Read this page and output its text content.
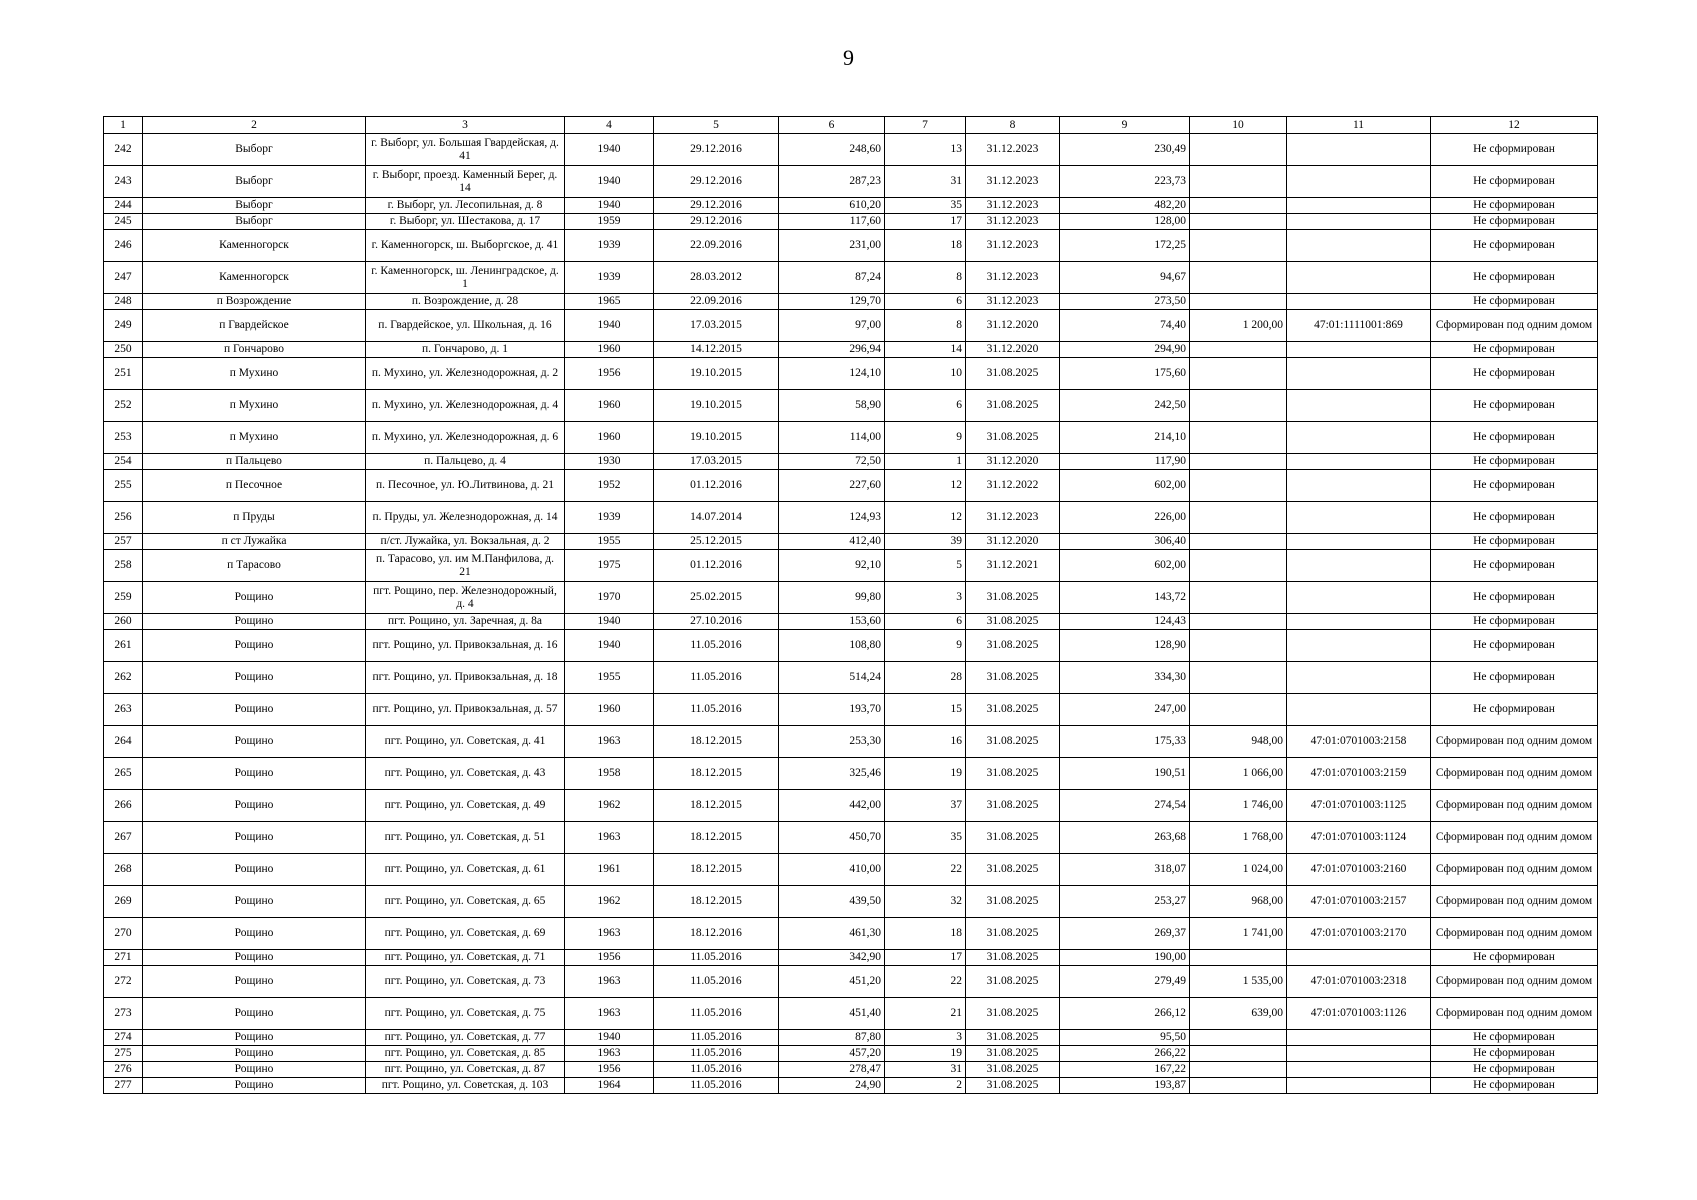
9
1	2	3	4	5	6	7	8	9	10	11	12
242	Выборг	г. Выборг, ул. Большая Гвардейская, д. 41	1940	29.12.2016	248,60	13	31.12.2023	230,49			Не сформирован
243	Выборг	г. Выборг, проезд. Каменный Берег, д. 14	1940	29.12.2016	287,23	31	31.12.2023	223,73			Не сформирован
244	Выборг	г. Выборг, ул. Лесопильная, д. 8	1940	29.12.2016	610,20	35	31.12.2023	482,20			Не сформирован
245	Выборг	г. Выборг, ул. Шестакова, д. 17	1959	29.12.2016	117,60	17	31.12.2023	128,00			Не сформирован
246	Каменногорск	г. Каменногорск, ш. Выборгское, д. 41	1939	22.09.2016	231,00	18	31.12.2023	172,25			Не сформирован
247	Каменногорск	г. Каменногорск, ш. Ленинградское, д. 1	1939	28.03.2012	87,24	8	31.12.2023	94,67			Не сформирован
248	п Возрождение	п. Возрождение, д. 28	1965	22.09.2016	129,70	6	31.12.2023	273,50			Не сформирован
249	п Гвардейское	п. Гвардейское, ул. Школьная, д. 16	1940	17.03.2015	97,00	8	31.12.2020	74,40	1 200,00	47:01:1111001:869	Сформирован под одним домом
250	п Гончарово	п. Гончарово, д. 1	1960	14.12.2015	296,94	14	31.12.2020	294,90			Не сформирован
251	п Мухино	п. Мухино, ул. Железнодорожная, д. 2	1956	19.10.2015	124,10	10	31.08.2025	175,60			Не сформирован
252	п Мухино	п. Мухино, ул. Железнодорожная, д. 4	1960	19.10.2015	58,90	6	31.08.2025	242,50			Не сформирован
253	п Мухино	п. Мухино, ул. Железнодорожная, д. 6	1960	19.10.2015	114,00	9	31.08.2025	214,10			Не сформирован
254	п Пальцево	п. Пальцево, д. 4	1930	17.03.2015	72,50	1	31.12.2020	117,90			Не сформирован
255	п Песочное	п. Песочное, ул. Ю.Литвинова, д. 21	1952	01.12.2016	227,60	12	31.12.2022	602,00			Не сформирован
256	п Пруды	п. Пруды, ул. Железнодорожная, д. 14	1939	14.07.2014	124,93	12	31.12.2023	226,00			Не сформирован
257	п ст Лужайка	п/ст. Лужайка, ул. Вокзальная, д. 2	1955	25.12.2015	412,40	39	31.12.2020	306,40			Не сформирован
258	п Тарасово	п. Тарасово, ул. им М.Панфилова, д. 21	1975	01.12.2016	92,10	5	31.12.2021	602,00			Не сформирован
259	Рощино	пгт. Рощино, пер. Железнодорожный, д. 4	1970	25.02.2015	99,80	3	31.08.2025	143,72			Не сформирован
260	Рощино	пгт. Рощино, ул. Заречная, д. 8а	1940	27.10.2016	153,60	6	31.08.2025	124,43			Не сформирован
261	Рощино	пгт. Рощино, ул. Привокзальная, д. 16	1940	11.05.2016	108,80	9	31.08.2025	128,90			Не сформирован
262	Рощино	пгт. Рощино, ул. Привокзальная, д. 18	1955	11.05.2016	514,24	28	31.08.2025	334,30			Не сформирован
263	Рощино	пгт. Рощино, ул. Привокзальная, д. 57	1960	11.05.2016	193,70	15	31.08.2025	247,00			Не сформирован
264	Рощино	пгт. Рощино, ул. Советская, д. 41	1963	18.12.2015	253,30	16	31.08.2025	175,33	948,00	47:01:0701003:2158	Сформирован под одним домом
265	Рощино	пгт. Рощино, ул. Советская, д. 43	1958	18.12.2015	325,46	19	31.08.2025	190,51	1 066,00	47:01:0701003:2159	Сформирован под одним домом
266	Рощино	пгт. Рощино, ул. Советская, д. 49	1962	18.12.2015	442,00	37	31.08.2025	274,54	1 746,00	47:01:0701003:1125	Сформирован под одним домом
267	Рощино	пгт. Рощино, ул. Советская, д. 51	1963	18.12.2015	450,70	35	31.08.2025	263,68	1 768,00	47:01:0701003:1124	Сформирован под одним домом
268	Рощино	пгт. Рощино, ул. Советская, д. 61	1961	18.12.2015	410,00	22	31.08.2025	318,07	1 024,00	47:01:0701003:2160	Сформирован под одним домом
269	Рощино	пгт. Рощино, ул. Советская, д. 65	1962	18.12.2015	439,50	32	31.08.2025	253,27	968,00	47:01:0701003:2157	Сформирован под одним домом
270	Рощино	пгт. Рощино, ул. Советская, д. 69	1963	18.12.2016	461,30	18	31.08.2025	269,37	1 741,00	47:01:0701003:2170	Сформирован под одним домом
271	Рощино	пгт. Рощино, ул. Советская, д. 71	1956	11.05.2016	342,90	17	31.08.2025	190,00			Не сформирован
272	Рощино	пгт. Рощино, ул. Советская, д. 73	1963	11.05.2016	451,20	22	31.08.2025	279,49	1 535,00	47:01:0701003:2318	Сформирован под одним домом
273	Рощино	пгт. Рощино, ул. Советская, д. 75	1963	11.05.2016	451,40	21	31.08.2025	266,12	639,00	47:01:0701003:1126	Сформирован под одним домом
274	Рощино	пгт. Рощино, ул. Советская, д. 77	1940	11.05.2016	87,80	3	31.08.2025	95,50			Не сформирован
275	Рощино	пгт. Рощино, ул. Советская, д. 85	1963	11.05.2016	457,20	19	31.08.2025	266,22			Не сформирован
276	Рощино	пгт. Рощино, ул. Советская, д. 87	1956	11.05.2016	278,47	31	31.08.2025	167,22			Не сформирован
277	Рощино	пгт. Рощино, ул. Советская, д. 103	1964	11.05.2016	24,90	2	31.08.2025	193,87			Не сформирован
